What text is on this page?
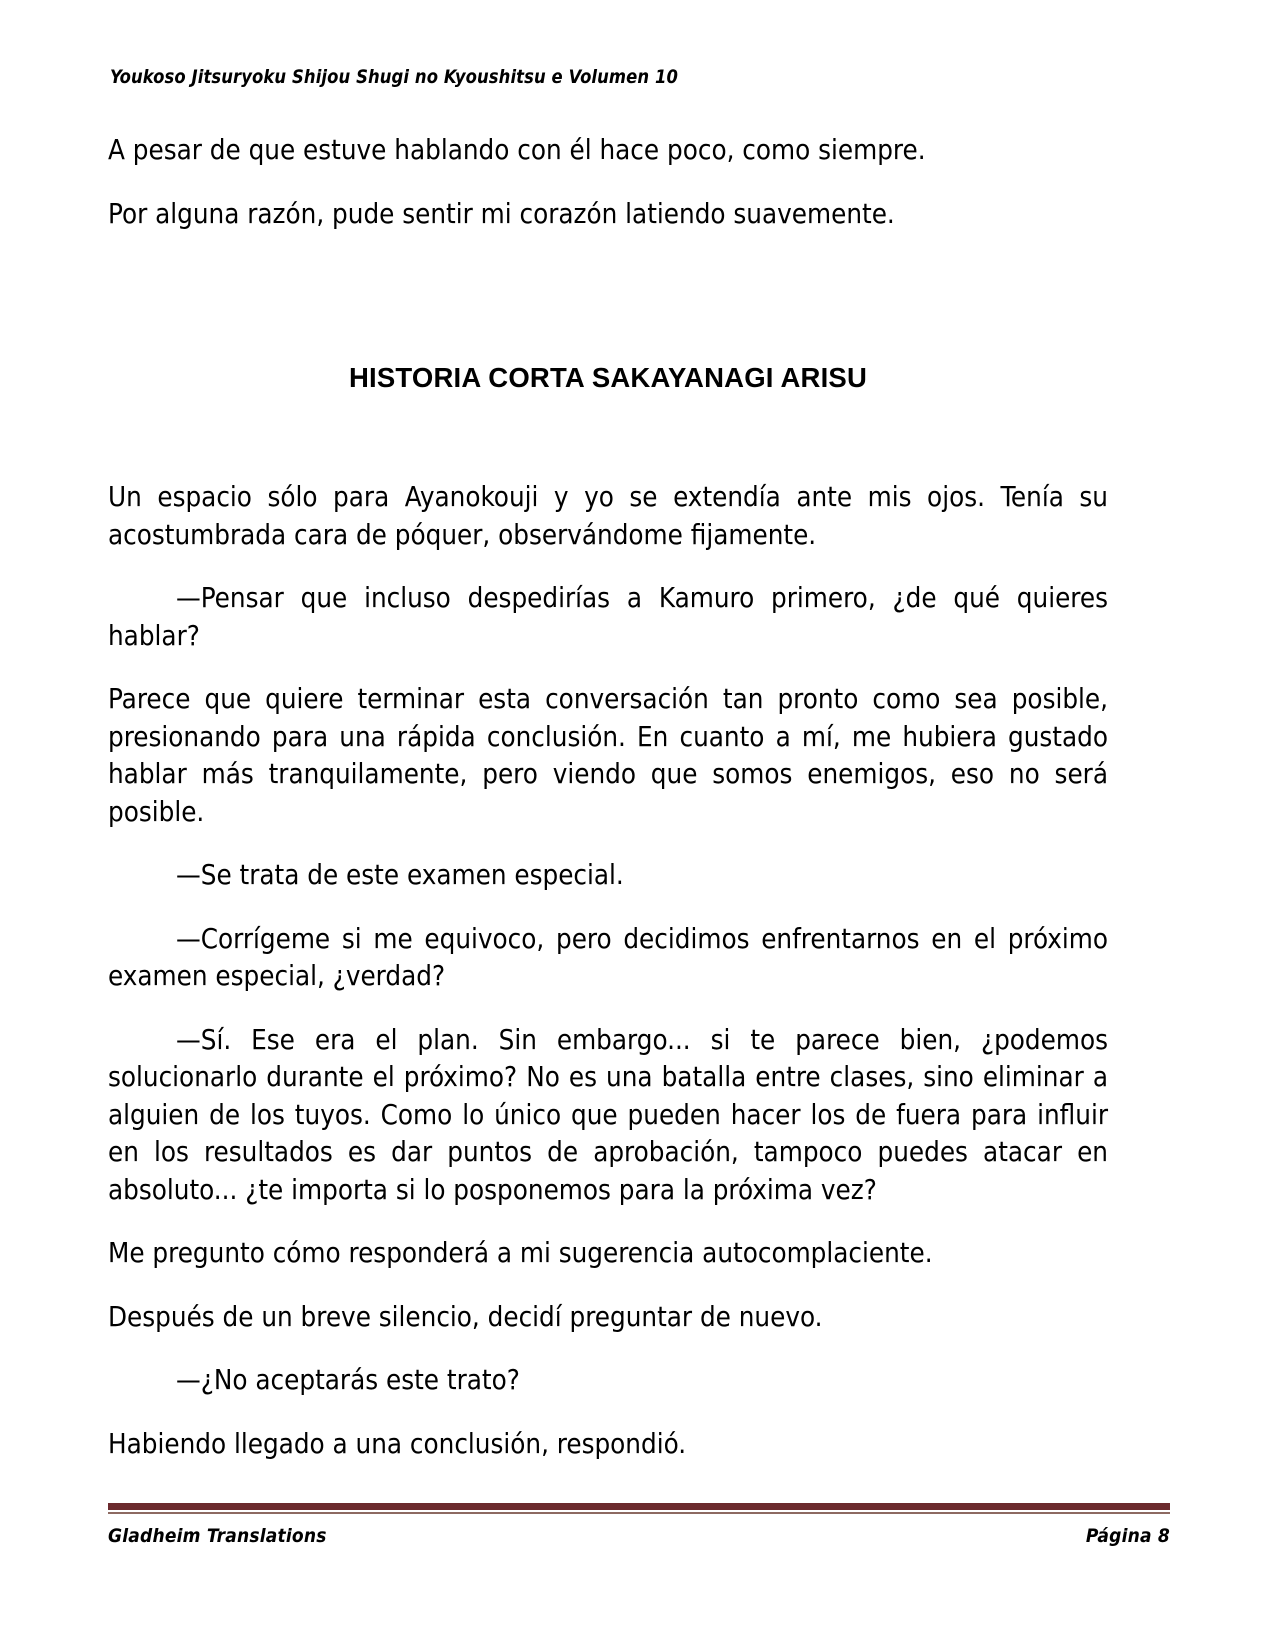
Youkoso Jitsuryoku Shijou Shugi no Kyoushitsu e Volumen 10

A pesar de que estuve hablando con él hace poco, como siempre.

Por alguna razón, pude sentir mi corazón latiendo suavemente.

HISTORIA CORTA SAKAYANAGI ARISU

Un espacio sólo para Ayanokouji y yo se extendía ante mis ojos. Tenía su acostumbrada cara de póquer, observándome fijamente.

—Pensar que incluso despedirías a Kamuro primero, ¿de qué quieres hablar?

Parece que quiere terminar esta conversación tan pronto como sea posible, presionando para una rápida conclusión. En cuanto a mí, me hubiera gustado hablar más tranquilamente, pero viendo que somos enemigos, eso no será posible.

—Se trata de este examen especial.

—Corrígeme si me equivoco, pero decidimos enfrentarnos en el próximo examen especial, ¿verdad?

—Sí. Ese era el plan. Sin embargo... si te parece bien, ¿podemos solucionarlo durante el próximo? No es una batalla entre clases, sino eliminar a alguien de los tuyos. Como lo único que pueden hacer los de fuera para influir en los resultados es dar puntos de aprobación, tampoco puedes atacar en absoluto... ¿te importa si lo posponemos para la próxima vez?

Me pregunto cómo responderá a mi sugerencia autocomplaciente.

Después de un breve silencio, decidí preguntar de nuevo.

—¿No aceptarás este trato?

Habiendo llegado a una conclusión, respondió.

Gladheim Translations	Página 8
